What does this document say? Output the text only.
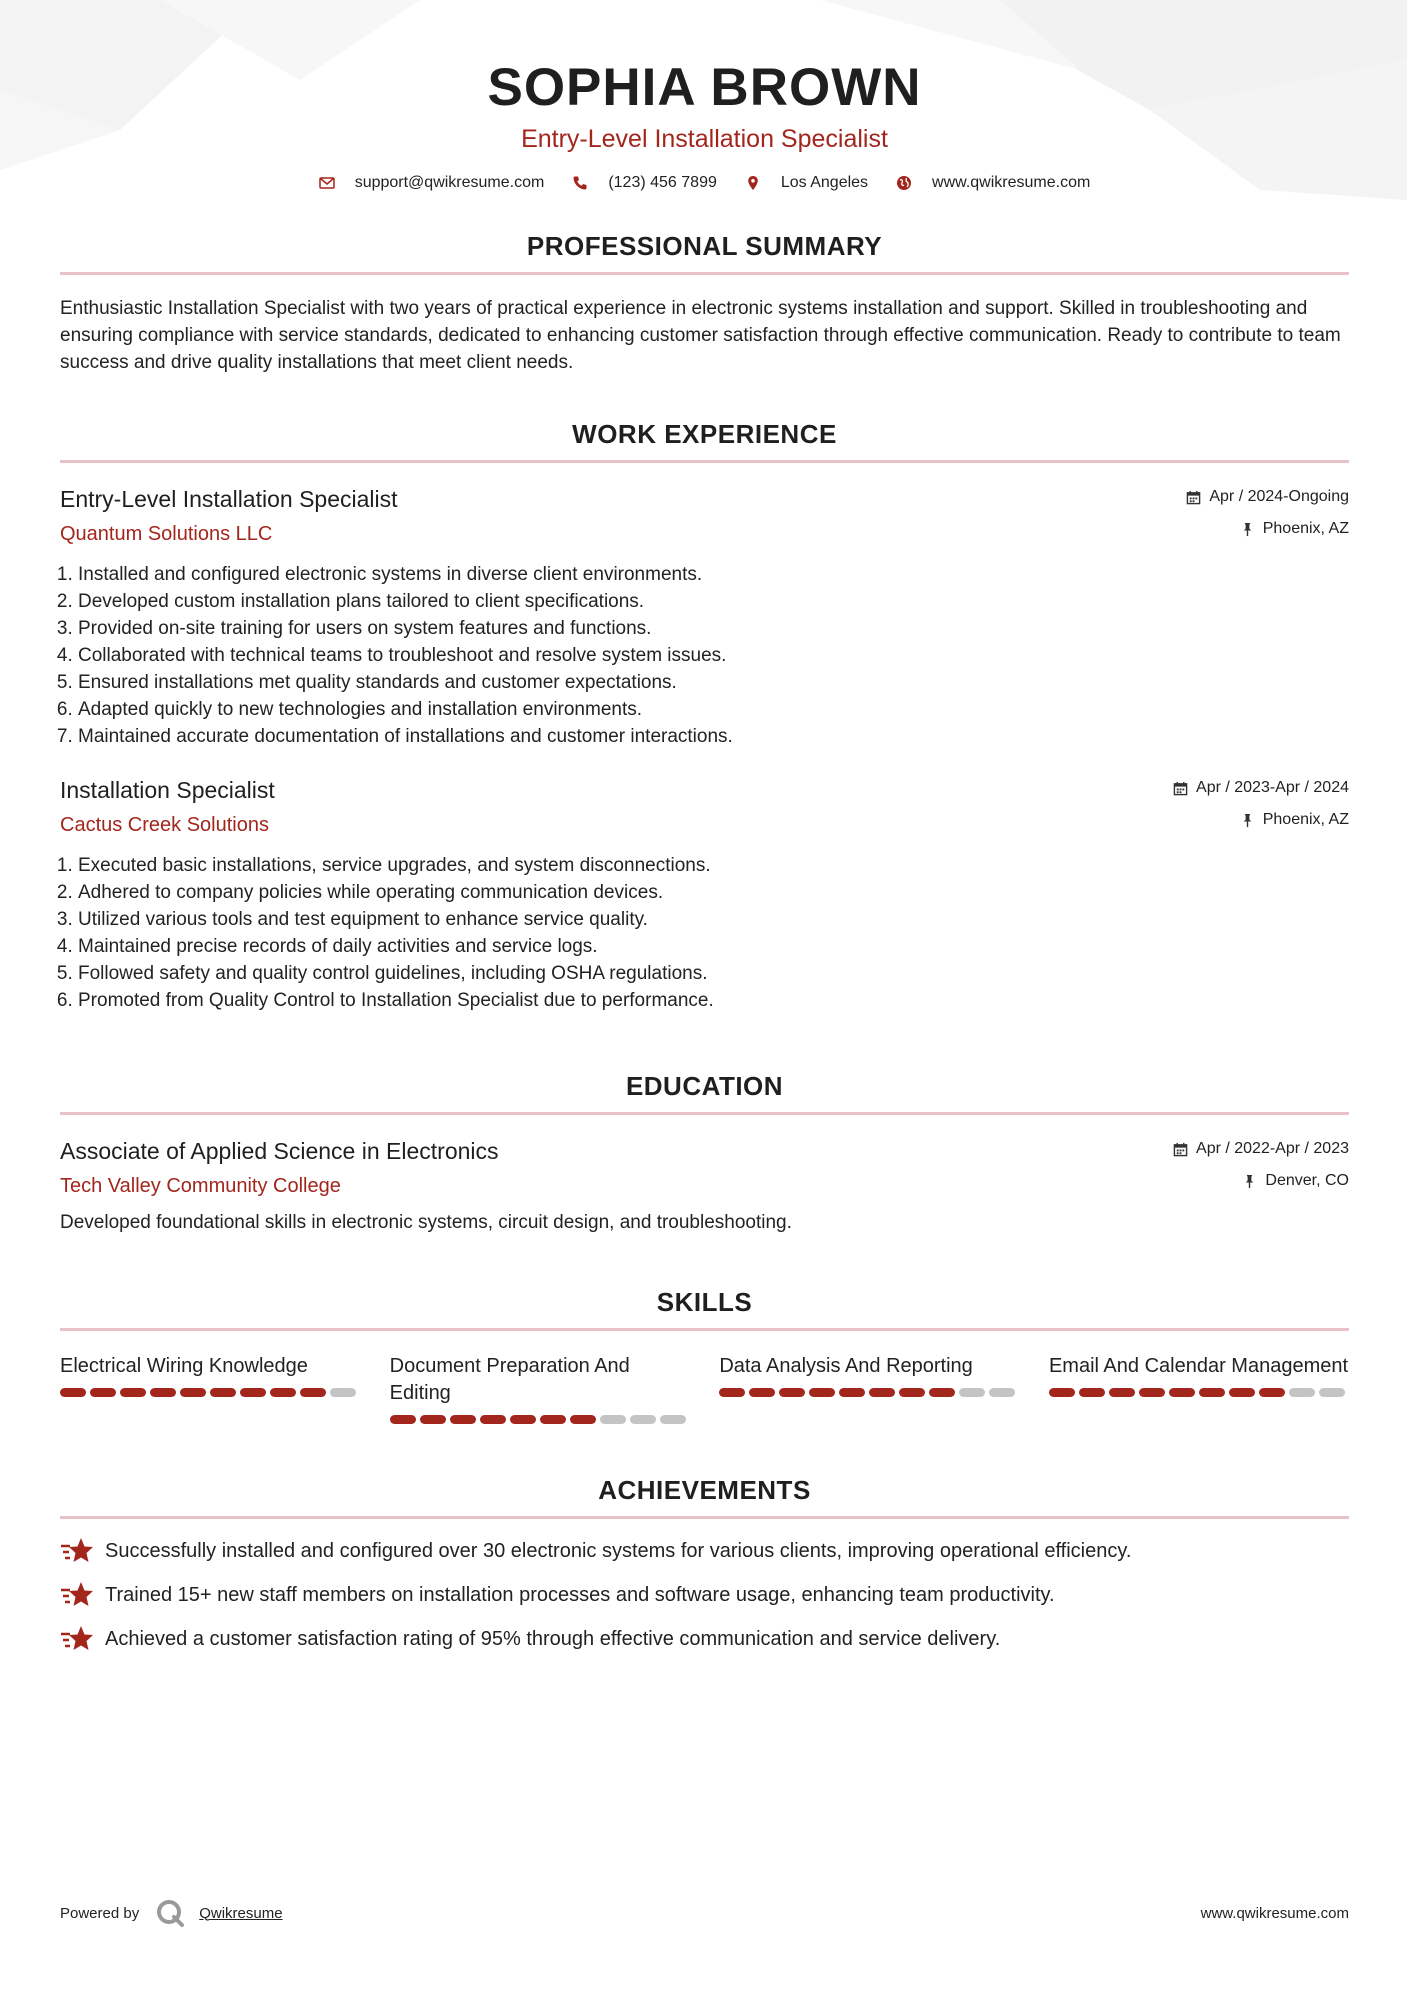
SOPHIA BROWN
Entry-Level Installation Specialist
support@qwikresume.com	(123) 456 7899	Los Angeles	www.qwikresume.com
PROFESSIONAL SUMMARY
Enthusiastic Installation Specialist with two years of practical experience in electronic systems installation and support. Skilled in troubleshooting and ensuring compliance with service standards, dedicated to enhancing customer satisfaction through effective communication. Ready to contribute to team success and drive quality installations that meet client needs.
WORK EXPERIENCE
Entry-Level Installation Specialist
Quantum Solutions LLC
Apr / 2024-Ongoing
Phoenix, AZ
1. Installed and configured electronic systems in diverse client environments.
2. Developed custom installation plans tailored to client specifications.
3. Provided on-site training for users on system features and functions.
4. Collaborated with technical teams to troubleshoot and resolve system issues.
5. Ensured installations met quality standards and customer expectations.
6. Adapted quickly to new technologies and installation environments.
7. Maintained accurate documentation of installations and customer interactions.
Installation Specialist
Cactus Creek Solutions
Apr / 2023-Apr / 2024
Phoenix, AZ
1. Executed basic installations, service upgrades, and system disconnections.
2. Adhered to company policies while operating communication devices.
3. Utilized various tools and test equipment to enhance service quality.
4. Maintained precise records of daily activities and service logs.
5. Followed safety and quality control guidelines, including OSHA regulations.
6. Promoted from Quality Control to Installation Specialist due to performance.
EDUCATION
Associate of Applied Science in Electronics
Tech Valley Community College
Apr / 2022-Apr / 2023
Denver, CO
Developed foundational skills in electronic systems, circuit design, and troubleshooting.
SKILLS
Electrical Wiring Knowledge	Document Preparation And Editing
Data Analysis And Reporting	Email And Calendar Management
ACHIEVEMENTS
Successfully installed and configured over 30 electronic systems for various clients, improving operational efficiency.
Trained 15+ new staff members on installation processes and software usage, enhancing team productivity.
Achieved a customer satisfaction rating of 95% through effective communication and service delivery.
Powered by	Qwikresume	www.qwikresume.com
